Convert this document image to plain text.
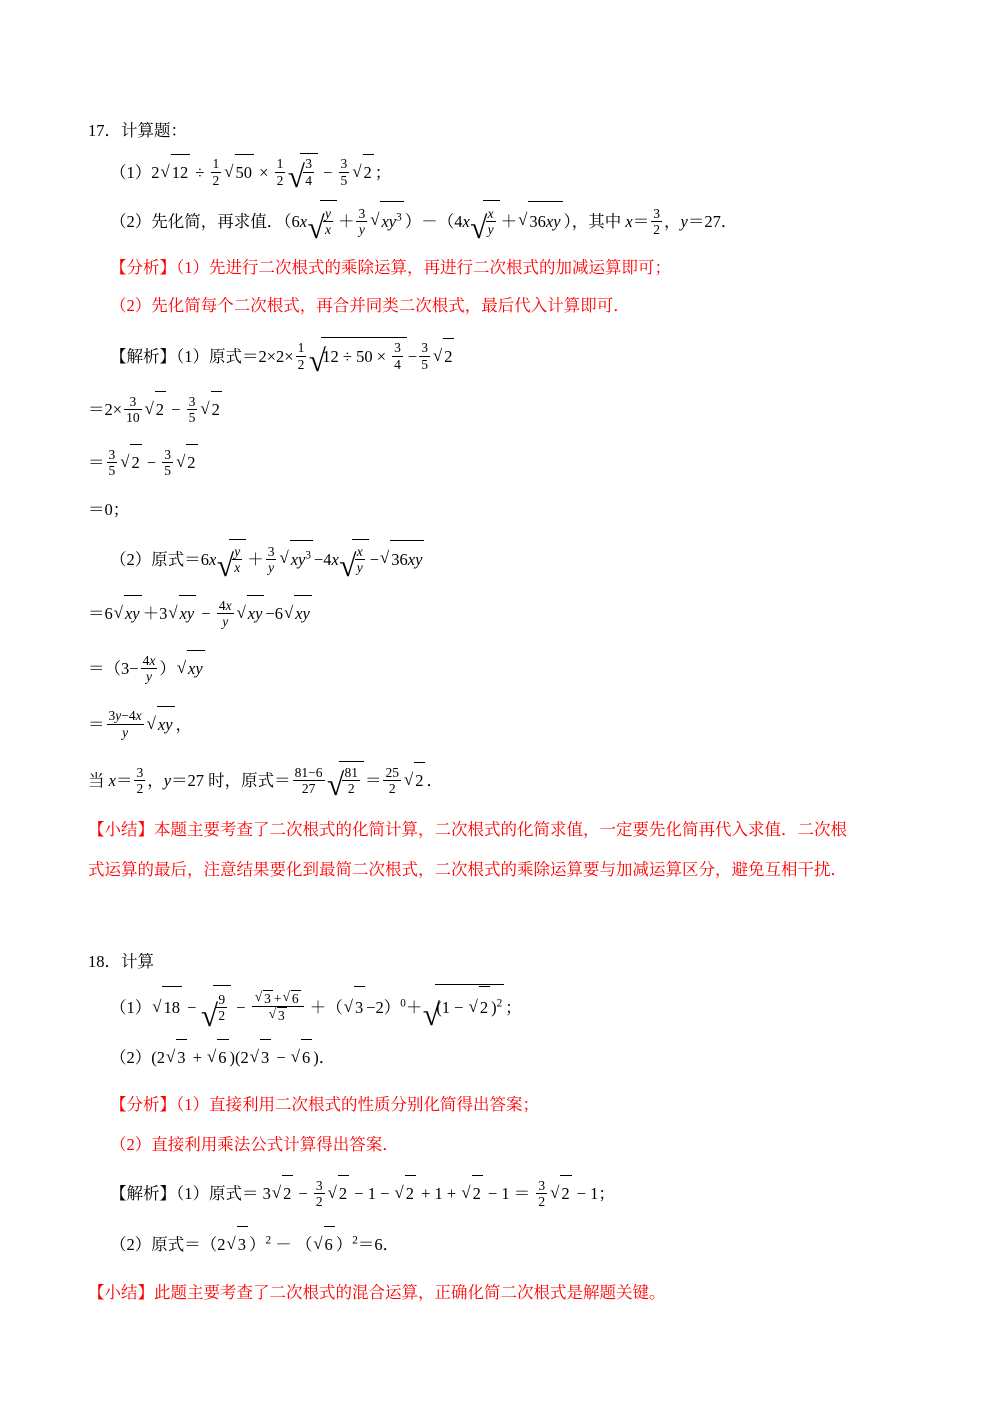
17．计算题：
（1）2 √ $12 \div \frac{1}{2}$ √ $50 \times \frac{1}{2}$ √ $\frac{3}{4} - \frac{3}{5}$ √ 2 ；
（2）先化简，再求值．（6x √ $\frac{y}{x} + \frac{3}{y}$ √ $xy^3$ ）－（4x √ $\frac{x}{y}$ ＋ √ 36xy ），其中 $x= \frac{3}{2}$ ，y＝27．
【分析】（1）先进行二次根式的乘除运算，再进行二次根式的加减运算即可；
（2）先化简每个二次根式，再合并同类二次根式，最后代入计算即可．
【解析】（1）原式$=2\times 2\times \frac{1}{2}$ √ $12 \div 50 \times \frac{3}{4} - \frac{3}{5}$ √ 2
$=2\times \frac{3}{10}$ √ $2 - \frac{3}{5}$ √ 2
＝ $\frac{3}{5}$ √ $2 - \frac{3}{5}$ √ 2
＝0；
（2）原式＝6x √ $\frac{y}{x} + \frac{3}{y}$ √ $xy^3 -4x$ √ $\frac{x}{y}$ − √ 36xy
＝6 √ xy ＋3 √ xy − $\frac{4x}{y}$ √ xy −6 √ xy
$=(3- \frac{4x}{y}$ ） √ xy
＝ $\frac{3y-4x}{y}$ √ xy ，
当 $x= \frac{3}{2}$ ，y＝27 时，原式＝ $\frac{81-6}{27}$ √ $\frac{81}{2} = \frac{25}{2}$ √ 2 ．
【小结】本题主要考查了二次根式的化简计算，二次根式的化简求值，一定要先化简再代入求值．二次根
式运算的最后，注意结果要化到最简二次根式，二次根式的乘除运算要与加减运算区分，避免互相干扰．
18．计算
（1） √ 18 − √ $\frac{9}{2}$ − √ 3 + √ 6
√ 3 ＋（ √ 3 −2）$^0$＋ √ (1 − √ 2 )$^2$ ；
（2）(2 √ 3 + √ 6 )(2 √ 3 − √ 6 )．
【分析】（1）直接利用二次根式的性质分别化简得出答案；
（2）直接利用乘法公式计算得出答案．
【解析】（1）原式＝ 3 √ $2 - \frac{3}{2}$ √ 2 − 1 − √ 2 + 1 + √ $2 - 1 = \frac{3}{2}$ √ 2 − 1；
（2）原式＝（2 √ 3 ）$^2$ － （ √ 6 ）$^2$＝6．
【小结】此题主要考查了二次根式的混合运算，正确化简二次根式是解题关键。
